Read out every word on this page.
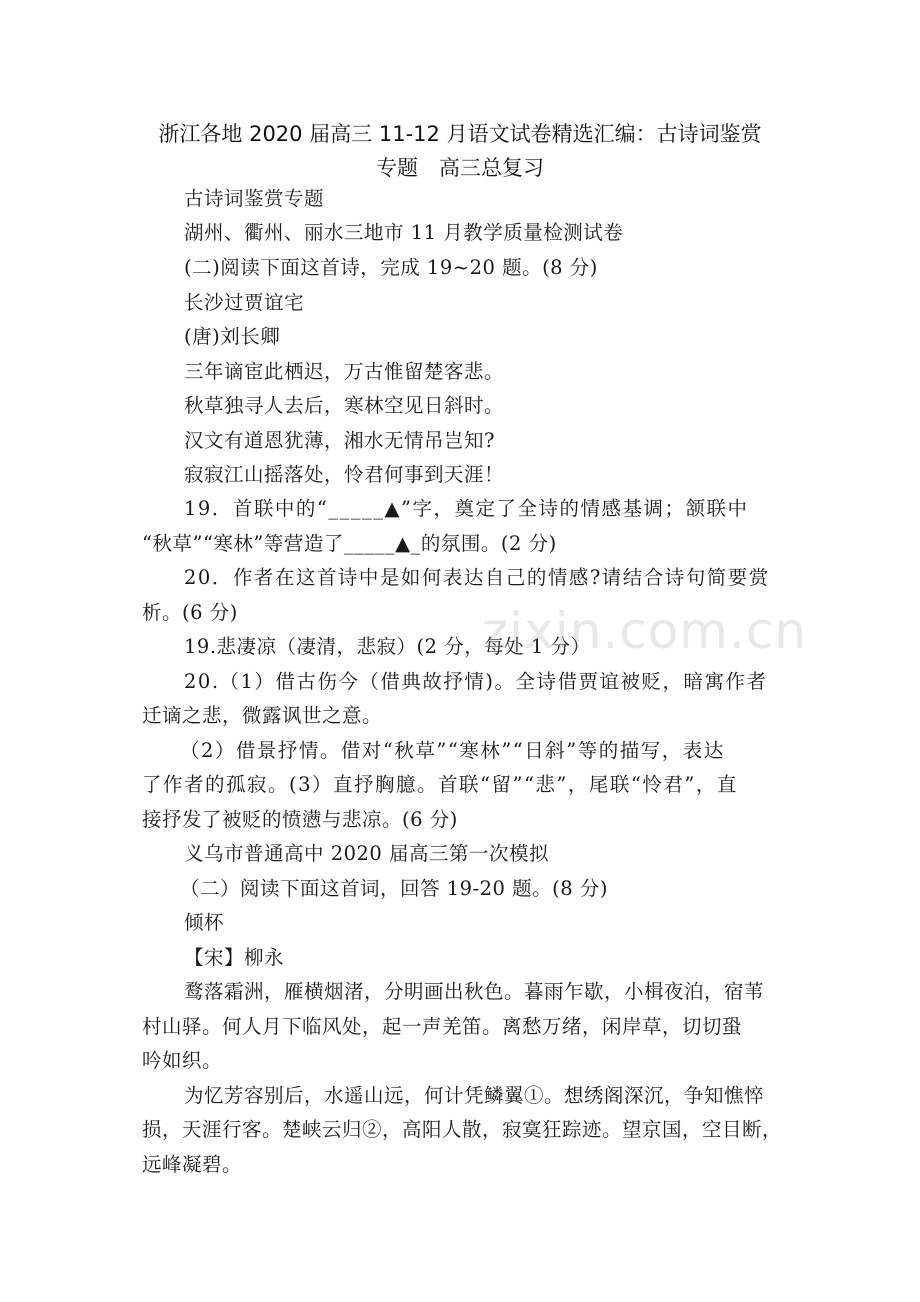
浙江各地 2020 届高三 11-12 月语文试卷精选汇编：古诗词鉴赏
专题　高三总复习
古诗词鉴赏专题
湖州、衢州、丽水三地市 11 月教学质量检测试卷
(二)阅读下面这首诗，完成 19~20 题。(8 分)
长沙过贾谊宅
(唐)刘长卿
三年谪宦此栖迟，万古惟留楚客悲。
秋草独寻人去后，寒林空见日斜时。
汉文有道恩犹薄，湘水无情吊岂知?
寂寂江山摇落处，怜君何事到天涯！
19．首联中的“_____▲”字，奠定了全诗的情感基调；颔联中
“秋草”“寒林”等营造了_____▲_的氛围。(2 分)
20．作者在这首诗中是如何表达自己的情感?请结合诗句简要赏
析。(6 分)
19.悲凄凉（凄清，悲寂）(2 分，每处 1 分）
20.（1）借古伤今（借典故抒情)。全诗借贾谊被贬，暗寓作者
迁谪之悲，微露讽世之意。
（2）借景抒情。借对“秋草”“寒林”“日斜”等的描写，表达
了作者的孤寂。(3）直抒胸臆。首联“留”“悲”，尾联“怜君”，直
接抒发了被贬的愤懑与悲凉。(6 分)
义乌市普通高中 2020 届高三第一次模拟
（二）阅读下面这首词，回答 19-20 题。(8 分)
倾杯
【宋】柳永
鹜落霜洲，雁横烟渚，分明画出秋色。暮雨乍歇，小楫夜泊，宿苇
村山驿。何人月下临风处，起一声羌笛。离愁万绪，闲岸草，切切蛩
吟如织。
为忆芳容别后，水遥山远，何计凭鳞翼①。想绣阁深沉，争知憔悴
损，天涯行客。楚峡云归②，高阳人散，寂寞狂踪迹。望京国，空目断，
远峰凝碧。
zixin.com.cn
